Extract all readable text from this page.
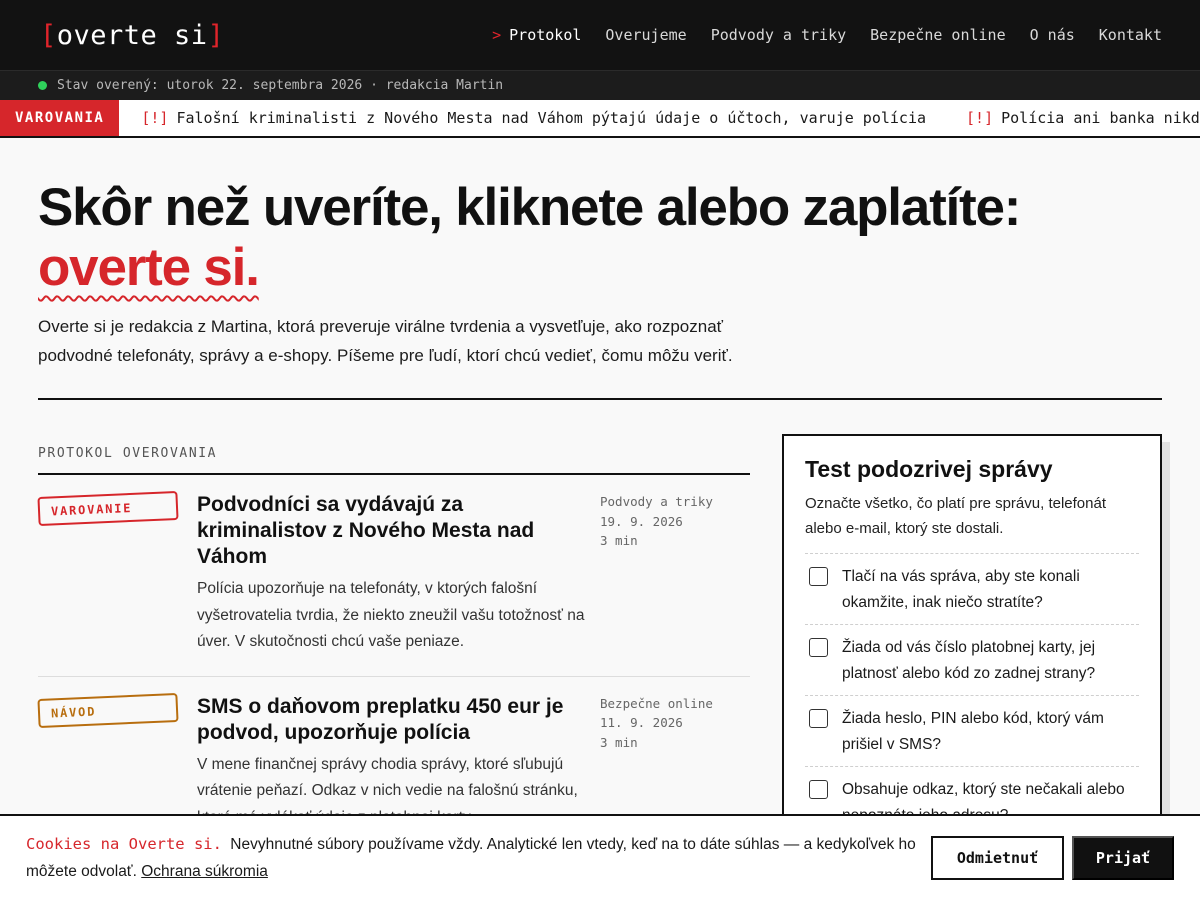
[overte si]	> Protokol Overujeme Podvody a triky Bezpečne online O nás Kontakt
Stav overený: utorok 22. septembra 2026 · redakcia Martin
VAROVANIA	[!] Falošní kriminalisti z Nového Mesta nad Váhom pýtajú údaje o účtoch, varuje polícia	[!] Polícia ani banka nikd
Skôr než uveríte, kliknete alebo zaplatíte: overte si.

Overte si je redakcia z Martina, ktorá preveruje virálne tvrdenia a vysvetľuje, ako rozpoznať podvodné telefonáty, správy a e-shopy. Píšeme pre ľudí, ktorí chcú vedieť, čomu môžu veriť.

PROTOKOL OVEROVANIA
VAROVANIE	Podvodníci sa vydávajú za kriminalistov z Nového Mesta nad Váhom

Polícia upozorňuje na telefonáty, v ktorých falošní vyšetrovatelia tvrdia, že niekto zneužil vašu totožnosť na úver. V skutočnosti chcú vaše peniaze.

Podvody a triky
19. 9. 2026
3 min
NÁVOD	SMS o daňovom preplatku 450 eur je podvod, upozorňuje polícia

V mene finančnej správy chodia správy, ktoré sľubujú vrátenie peňazí. Odkaz v nich vedie na falošnú stránku,

Bezpečne online
11. 9. 2026
3 min
Test podozrivej správy
Označte všetko, čo platí pre správu, telefonát alebo e-mail, ktorý ste dostali.
Tlačí na vás správa, aby ste konali okamžite, inak niečo stratíte?
Žiada od vás číslo platobnej karty, jej platnosť alebo kód zo zadnej strany?
Žiada heslo, PIN alebo kód, ktorý vám prišiel v SMS?
Obsahuje odkaz, ktorý ste nečakali alebo
Cookies na Overte si. Nevyhnutné súbory používame vždy. Analytické len vtedy, keď na to dáte súhlas — a kedykoľvek ho môžete odvolať. Ochrana súkromia
Odmietnuť	Prijať
